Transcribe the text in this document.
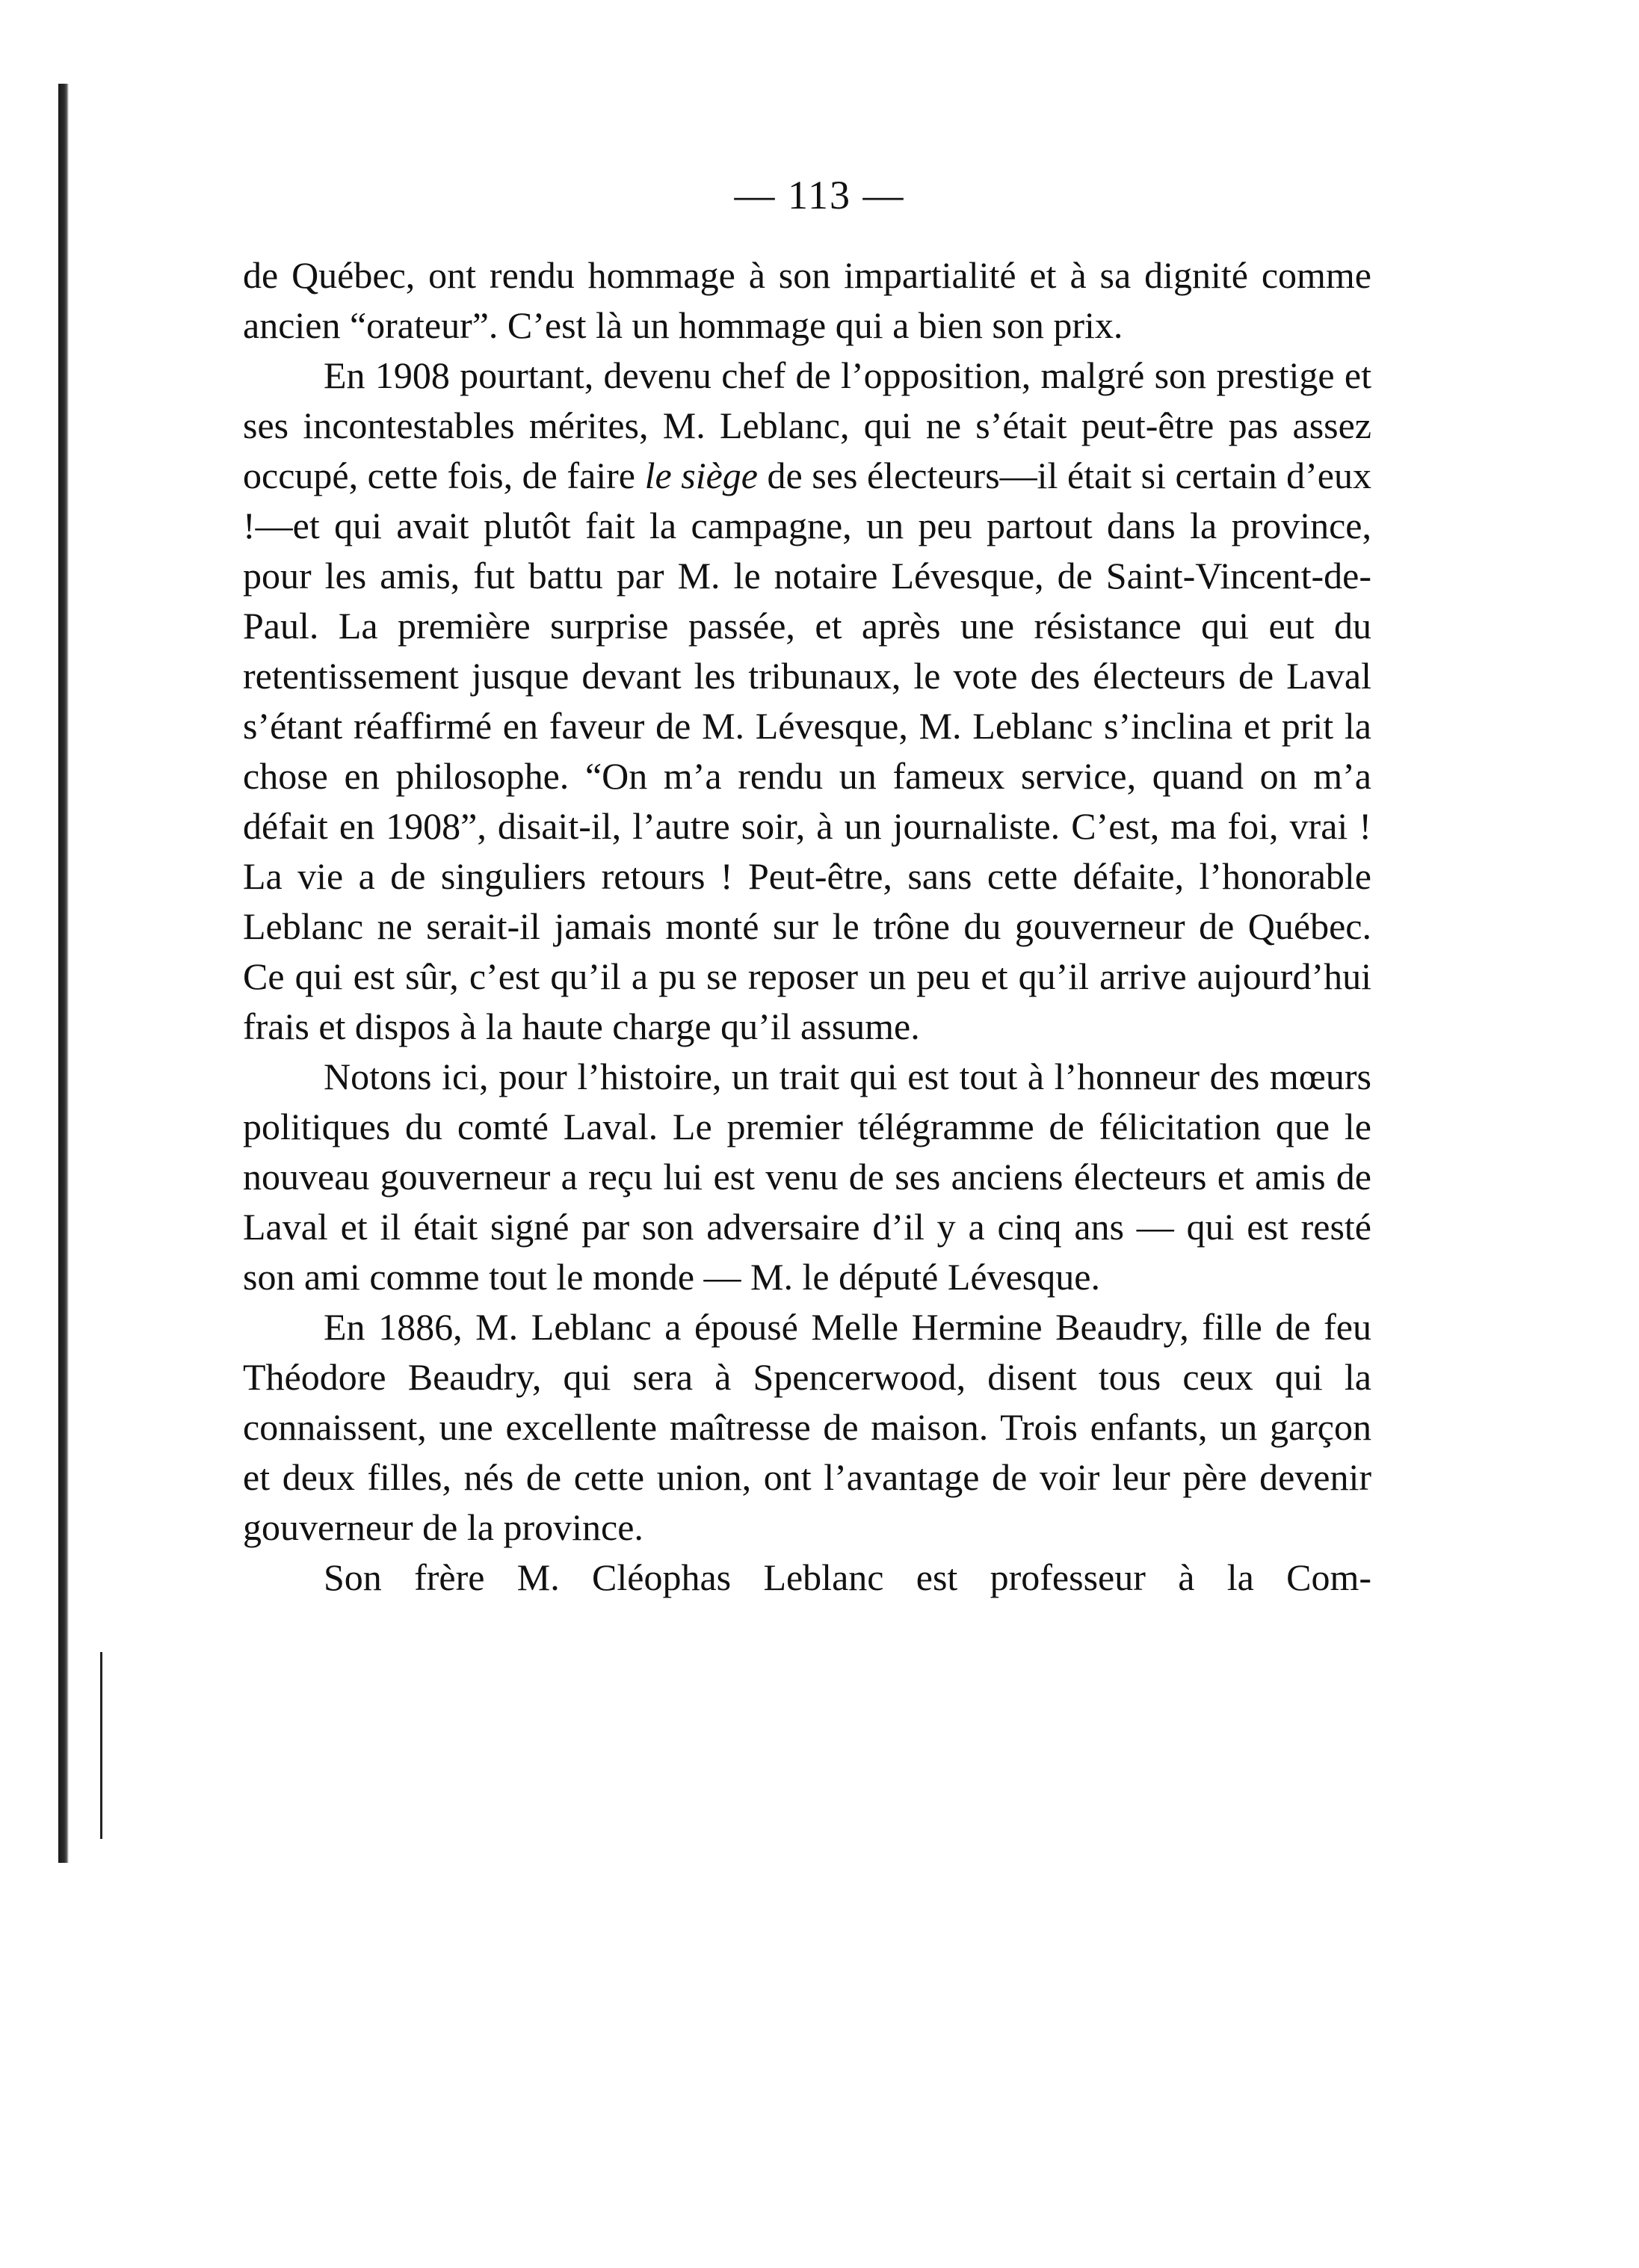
— 113 —

de Québec, ont rendu hommage à son impartialité et à sa dignité comme ancien “orateur”. C’est là un hommage qui a bien son prix.

En 1908 pourtant, devenu chef de l’opposition, malgré son prestige et ses incontestables mérites, M. Leblanc, qui ne s’était peut-être pas assez occupé, cette fois, de faire le siège de ses électeurs—il était si certain d’eux !—et qui avait plutôt fait la campagne, un peu partout dans la province, pour les amis, fut battu par M. le notaire Lévesque, de Saint-Vincent-de-Paul. La première surprise passée, et après une résistance qui eut du retentissement jusque devant les tribunaux, le vote des électeurs de Laval s’étant réaffirmé en faveur de M. Lévesque, M. Leblanc s’inclina et prit la chose en philosophe. “On m’a rendu un fameux service, quand on m’a défait en 1908”, disait-il, l’autre soir, à un journaliste. C’est, ma foi, vrai ! La vie a de singuliers retours ! Peut-être, sans cette défaite, l’honorable Leblanc ne serait-il jamais monté sur le trône du gouverneur de Québec. Ce qui est sûr, c’est qu’il a pu se reposer un peu et qu’il arrive aujourd’hui frais et dispos à la haute charge qu’il assume.

Notons ici, pour l’histoire, un trait qui est tout à l’honneur des mœurs politiques du comté Laval. Le premier télégramme de félicitation que le nouveau gouverneur a reçu lui est venu de ses anciens électeurs et amis de Laval et il était signé par son adversaire d’il y a cinq ans — qui est resté son ami comme tout le monde — M. le député Lévesque.

En 1886, M. Leblanc a épousé Melle Hermine Beaudry, fille de feu Théodore Beaudry, qui sera à Spencerwood, disent tous ceux qui la connaissent, une excellente maîtresse de maison. Trois enfants, un garçon et deux filles, nés de cette union, ont l’avantage de voir leur père devenir gouverneur de la province.

Son frère M. Cléophas Leblanc est professeur à la Com-
